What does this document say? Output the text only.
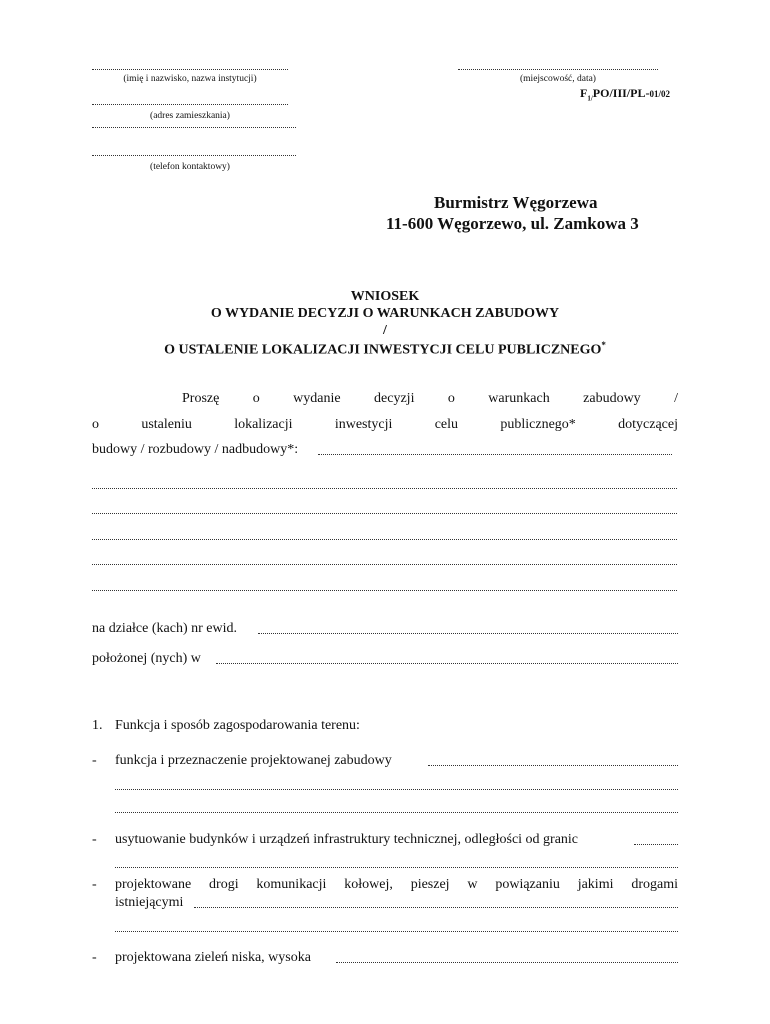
(imię i nazwisko, nazwa instytucji)
(adres zamieszkania)
(telefon kontaktowy)
(miejscowość, data)
$F_{1/}PO/III/PL-01/02$
Burmistrz Węgorzewa
11-600 Węgorzewo, ul. Zamkowa 3
WNIOSEK
O WYDANIE DECYZJI O WARUNKACH ZABUDOWY
/
O USTALENIE LOKALIZACJI INWESTYCJI CELU PUBLICZNEGO*
Proszę o wydanie decyzji o warunkach zabudowy /
o	ustaleniu	lokalizacji	inwestycji	celu	publicznego*	dotyczącej
budowy / rozbudowy / nadbudowy*:
na działce (kach) nr ewid.
położonej (nych) w
1. Funkcja i sposób zagospodarowania terenu:
- funkcja i przeznaczenie projektowanej zabudowy
- usytuowanie budynków i urządzeń infrastruktury technicznej, odległości od granic
- projektowane drogi komunikacji kołowej, pieszej w powiązaniu jakimi drogami
istniejącymi
- projektowana zieleń niska, wysoka
